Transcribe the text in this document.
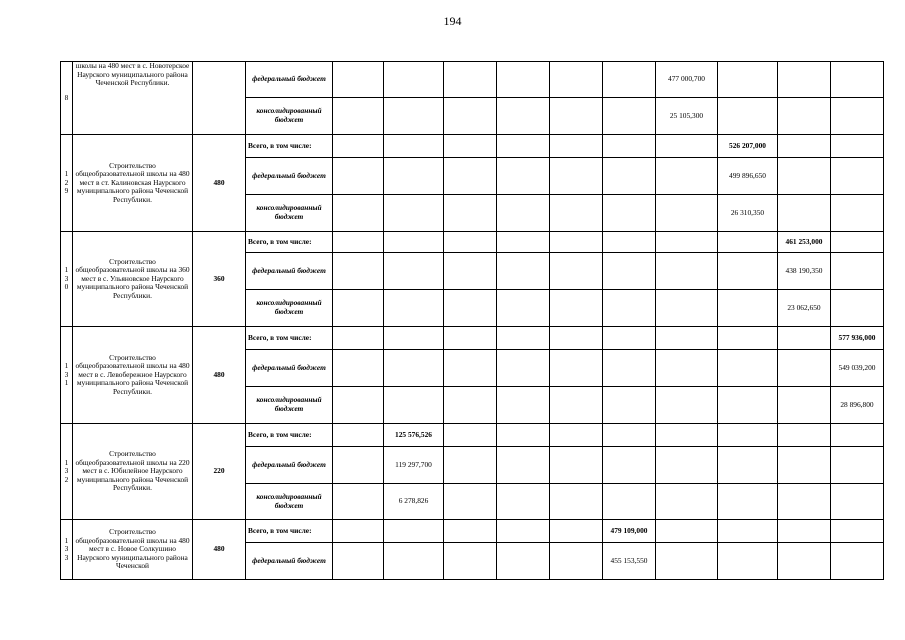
194
8	школы на 480 мест в с. Новотерское Наурского муниципального района Чеченской Республики.		федеральный бюджет							477 000,700			
			консолидированный бюджет							25 105,300			

1
2
9	Строительство общеобразовательной школы на 480 мест в ст. Калиновская Наурского муниципального района Чеченской Республики.	480	Всего, в том числе:								526 207,000		
			федеральный бюджет								499 896,650		
			консолидированный бюджет								26 310,350		

1
3
0	Строительство общеобразовательной школы на 360 мест в с. Ульяновское Наурского муниципального района Чеченской Республики.	360	Всего, в том числе:									461 253,000	
			федеральный бюджет									438 190,350	
			консолидированный бюджет									23 062,650	

1
3
1	Строительство общеобразовательной школы на 480 мест в с. Левобережное Наурского муниципального района Чеченской Республики.	480	Всего, в том числе:										577 936,000
			федеральный бюджет										549 039,200
			консолидированный бюджет										28 896,800

1
3
2	Строительство общеобразовательной школы на 220 мест в с. Юбилейное Наурского муниципального района Чеченской Республики.	220	Всего, в том числе:		125 576,526								
			федеральный бюджет		119 297,700								
			консолидированный бюджет		6 278,826								

1
3
3	Строительство общеобразовательной школы на 480 мест в с. Новое Солкушино Наурского муниципального района Чеченской	480	Всего, в том числе:						479 109,000				
			федеральный бюджет						455 153,550				
